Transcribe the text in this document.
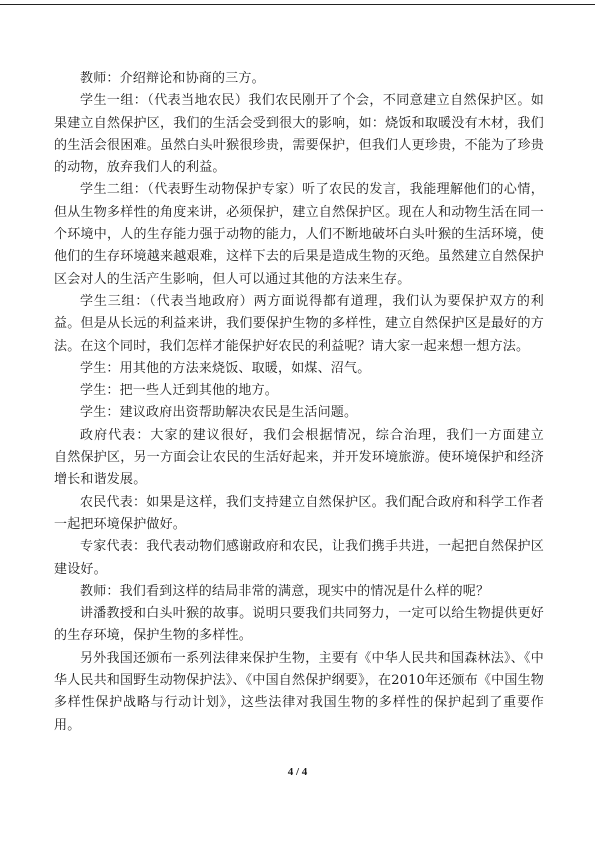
教师：介绍辩论和协商的三方。

学生一组：（代表当地农民）我们农民刚开了个会，不同意建立自然保护区。如果建立自然保护区，我们的生活会受到很大的影响，如：烧饭和取暖没有木材，我们的生活会很困难。虽然白头叶猴很珍贵，需要保护，但我们人更珍贵，不能为了珍贵的动物，放弃我们人的利益。

学生二组：（代表野生动物保护专家）听了农民的发言，我能理解他们的心情，但从生物多样性的角度来讲，必须保护，建立自然保护区。现在人和动物生活在同一个环境中，人的生存能力强于动物的能力，人们不断地破坏白头叶猴的生活环境，使他们的生存环境越来越艰难，这样下去的后果是造成生物的灭绝。虽然建立自然保护区会对人的生活产生影响，但人可以通过其他的方法来生存。

学生三组：（代表当地政府）两方面说得都有道理，我们认为要保护双方的利益。但是从长远的利益来讲，我们要保护生物的多样性，建立自然保护区是最好的方法。在这个同时，我们怎样才能保护好农民的利益呢？请大家一起来想一想方法。

学生：用其他的方法来烧饭、取暖，如煤、沼气。

学生：把一些人迁到其他的地方。

学生：建议政府出资帮助解决农民是生活问题。

政府代表：大家的建议很好，我们会根据情况，综合治理，我们一方面建立　　自然保护区，另一方面会让农民的生活好起来，并开发环境旅游。使环境保护和经济增长和谐发展。

农民代表：如果是这样，我们支持建立自然保护区。我们配合政府和科学工作者一起把环境保护做好。

专家代表：我代表动物们感谢政府和农民，让我们携手共进，一起把自然保护区建设好。

教师：我们看到这样的结局非常的满意，现实中的情况是什么样的呢？

讲潘教授和白头叶猴的故事。说明只要我们共同努力，一定可以给生物提供更好的生存环境，保护生物的多样性。

另外我国还颁布一系列法律来保护生物，主要有《中华人民共和国森林法》、《中华人民共和国野生动物保护法》、《中国自然保护纲要》，在2010年还颁布《中国生物多样性保护战略与行动计划》，这些法律对我国生物的多样性的保护起到了重要作用。

4 / 4
